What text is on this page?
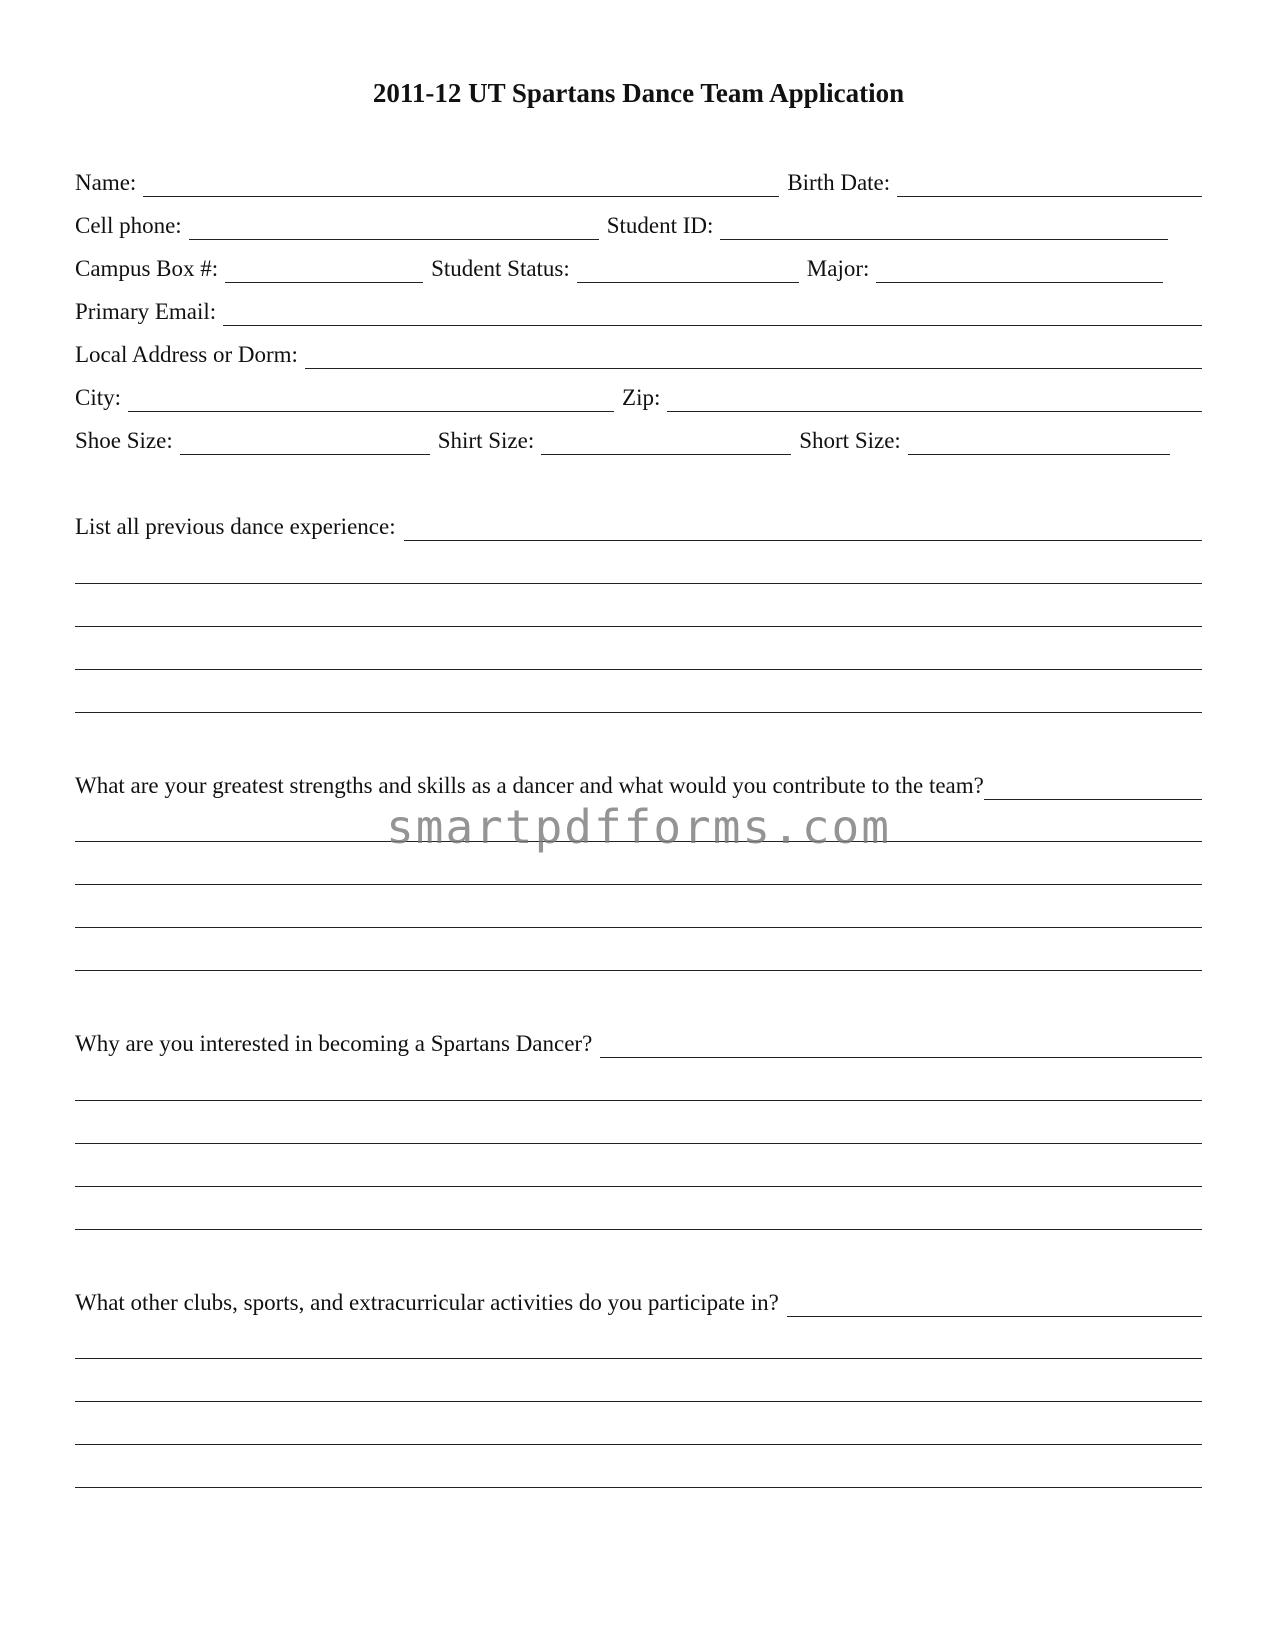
2011-12 UT Spartans Dance Team Application
Name:	Birth Date:
Cell phone:	Student ID:
Campus Box #:	Student Status:	Major:
Primary Email:
Local Address or Dorm:
City:	Zip:
Shoe Size:	Shirt Size:	Short Size:
List all previous dance experience:
What are your greatest strengths and skills as a dancer and what would you contribute to the team?
Why are you interested in becoming a Spartans Dancer?
What other clubs, sports, and extracurricular activities do you participate in?
smartpdfforms.com
